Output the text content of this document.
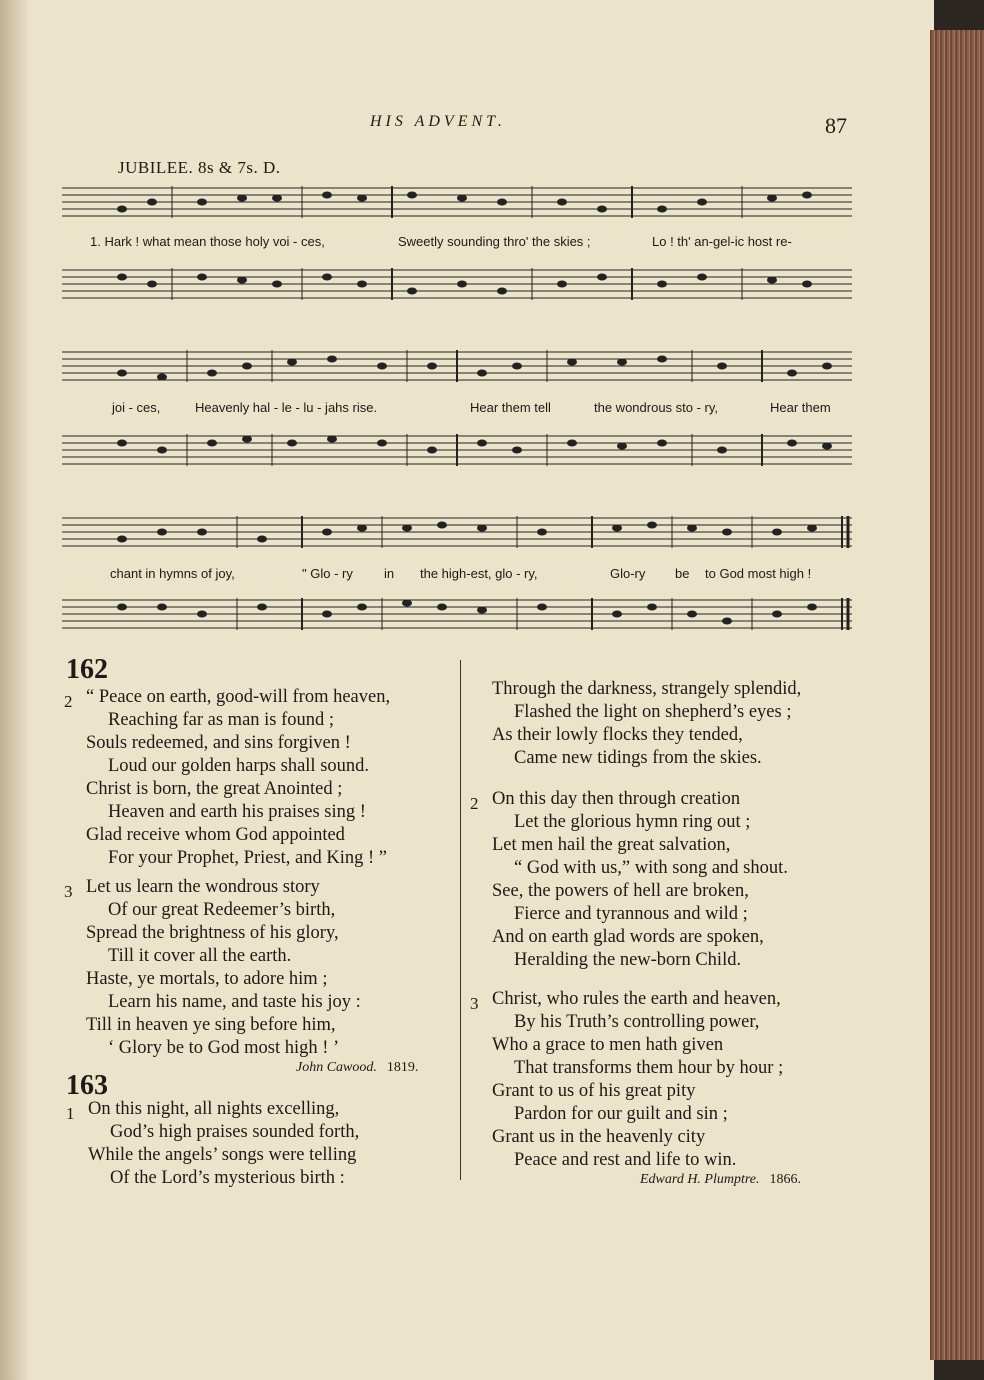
HIS ADVENT.	87
JUBILEE. 8s & 7s. D.
1. Hark ! what mean those holy voi - ces,	Sweetly sounding thro' the skies ;	Lo ! th' an-gel-ic host re-
joi - ces,	Heavenly hal - le - lu - jahs rise.	Hear them tell	the wondrous sto - ry,	Hear them
chant in hymns of joy,	" Glo - ry in the high-est, glo - ry,	Glo-ry be to God most high !
162
2 “ Peace on earth, good-will from heaven,
Reaching far as man is found ;
Souls redeemed, and sins forgiven !
Loud our golden harps shall sound.
Christ is born, the great Anointed ;
Heaven and earth his praises sing !
Glad receive whom God appointed
For your Prophet, Priest, and King ! ”
3 Let us learn the wondrous story
Of our great Redeemer’s birth,
Spread the brightness of his glory,
Till it cover all the earth.
Haste, ye mortals, to adore him ;
Learn his name, and taste his joy :
Till in heaven ye sing before him,
‘ Glory be to God most high ! ’
John Cawood. 1819.
163
1 On this night, all nights excelling,
God’s high praises sounded forth,
While the angels’ songs were telling
Of the Lord’s mysterious birth :
Through the darkness, strangely splendid,
Flashed the light on shepherd’s eyes ;
As their lowly flocks they tended,
Came new tidings from the skies.
2 On this day then through creation
Let the glorious hymn ring out ;
Let men hail the great salvation,
“ God with us,” with song and shout.
See, the powers of hell are broken,
Fierce and tyrannous and wild ;
And on earth glad words are spoken,
Heralding the new-born Child.
3 Christ, who rules the earth and heaven,
By his Truth’s controlling power,
Who a grace to men hath given
That transforms them hour by hour ;
Grant to us of his great pity
Pardon for our guilt and sin ;
Grant us in the heavenly city
Peace and rest and life to win.
Edward H. Plumptre. 1866.
